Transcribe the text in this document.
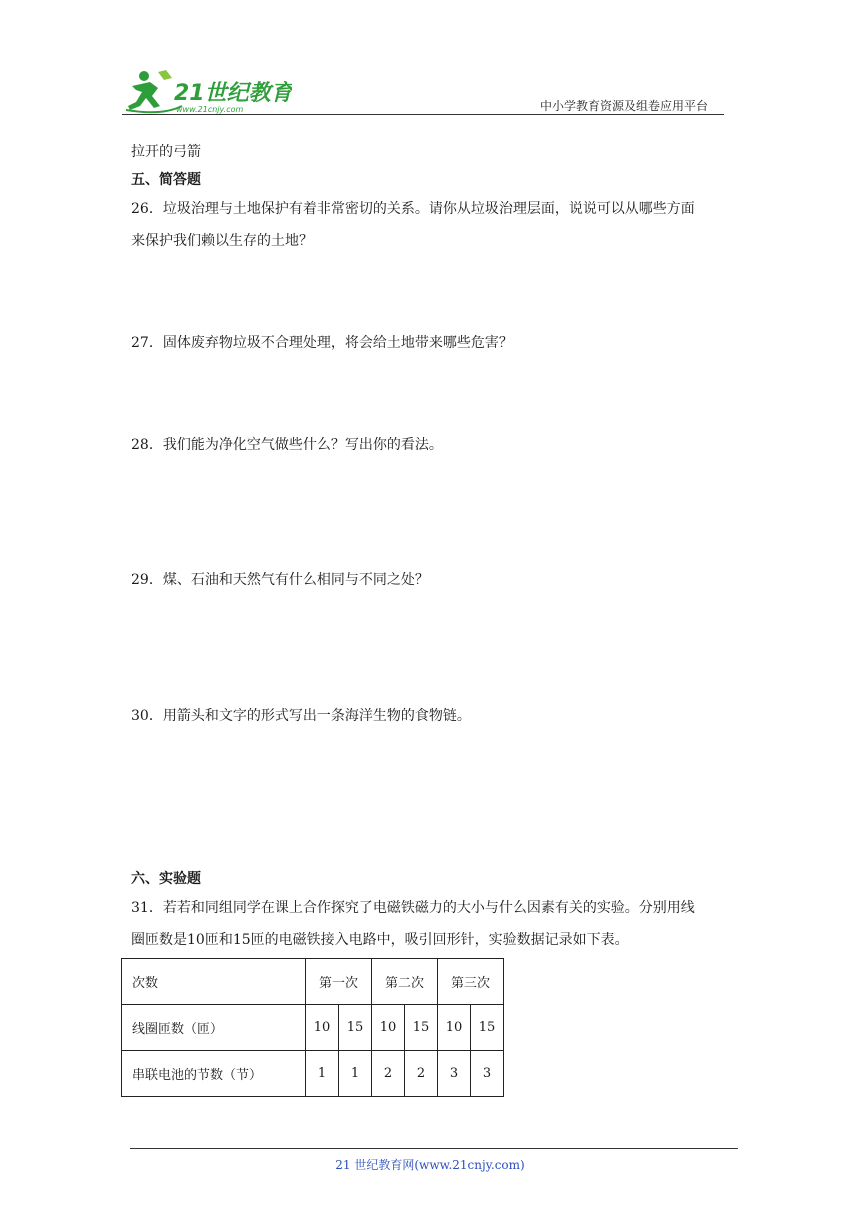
21世纪教育
www.21cnjy.com	中小学教育资源及组卷应用平台
拉开的弓箭
五、简答题
26．垃圾治理与土地保护有着非常密切的关系。请你从垃圾治理层面，说说可以从哪些方面
来保护我们赖以生存的土地？
27．固体废弃物垃圾不合理处理，将会给土地带来哪些危害？
28．我们能为净化空气做些什么？写出你的看法。
29．煤、石油和天然气有什么相同与不同之处？
30．用箭头和文字的形式写出一条海洋生物的食物链。
六、实验题
31．若若和同组同学在课上合作探究了电磁铁磁力的大小与什么因素有关的实验。分别用线
圈匝数是10匝和15匝的电磁铁接入电路中，吸引回形针，实验数据记录如下表。
次数	第一次		第二次		第三次	
线圈匝数（匝）	10	15	10	15	10	15
串联电池的节数（节）	1	1	2	2	3	3
21 世纪教育网(www.21cnjy.com)
